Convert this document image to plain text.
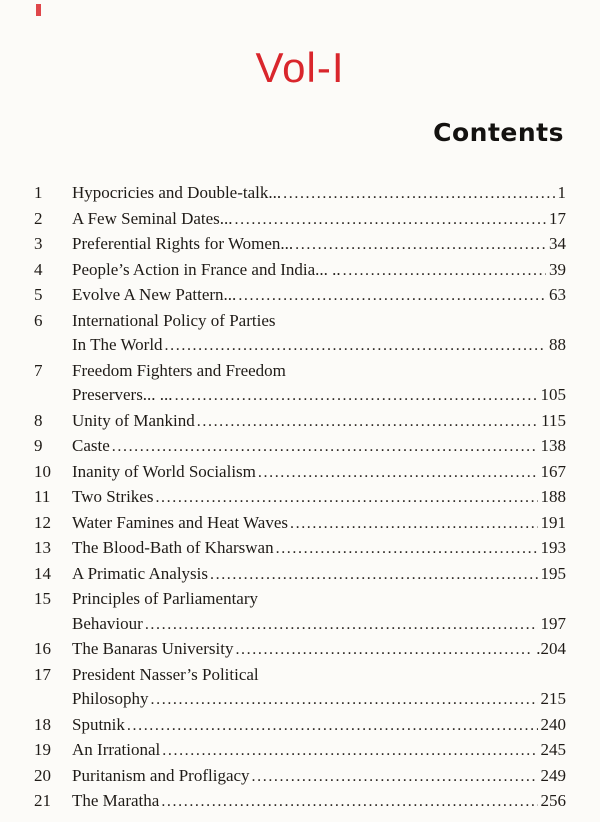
Vol-I
Contents
1	Hypocricies and Double-talk... .....	1
2	A Few Seminal Dates... .....	17
3	Preferential Rights for Women... .....	34
4	People’s Action in France and India... .. .....	39
5	Evolve A New Pattern... .....	63
6	International Policy of Parties
In The World .....	88
7	Freedom Fighters and Freedom
Preservers... ... .....	105
8	Unity of Mankind .....	115
9	Caste .....	138
10	Inanity of World Socialism .....	167
11	Two Strikes .....	188
12	Water Famines and Heat Waves .....	191
13	The Blood-Bath of Kharswan .....	193
14	A Primatic Analysis .....	195
15	Principles of Parliamentary
Behaviour .....	197
16	The Banaras University .....	.204
17	President Nasser’s Political
Philosophy .....	215
18	Sputnik .....	240
19	An Irrational .....	245
20	Puritanism and Profligacy .....	249
21	The Maratha .....	256
